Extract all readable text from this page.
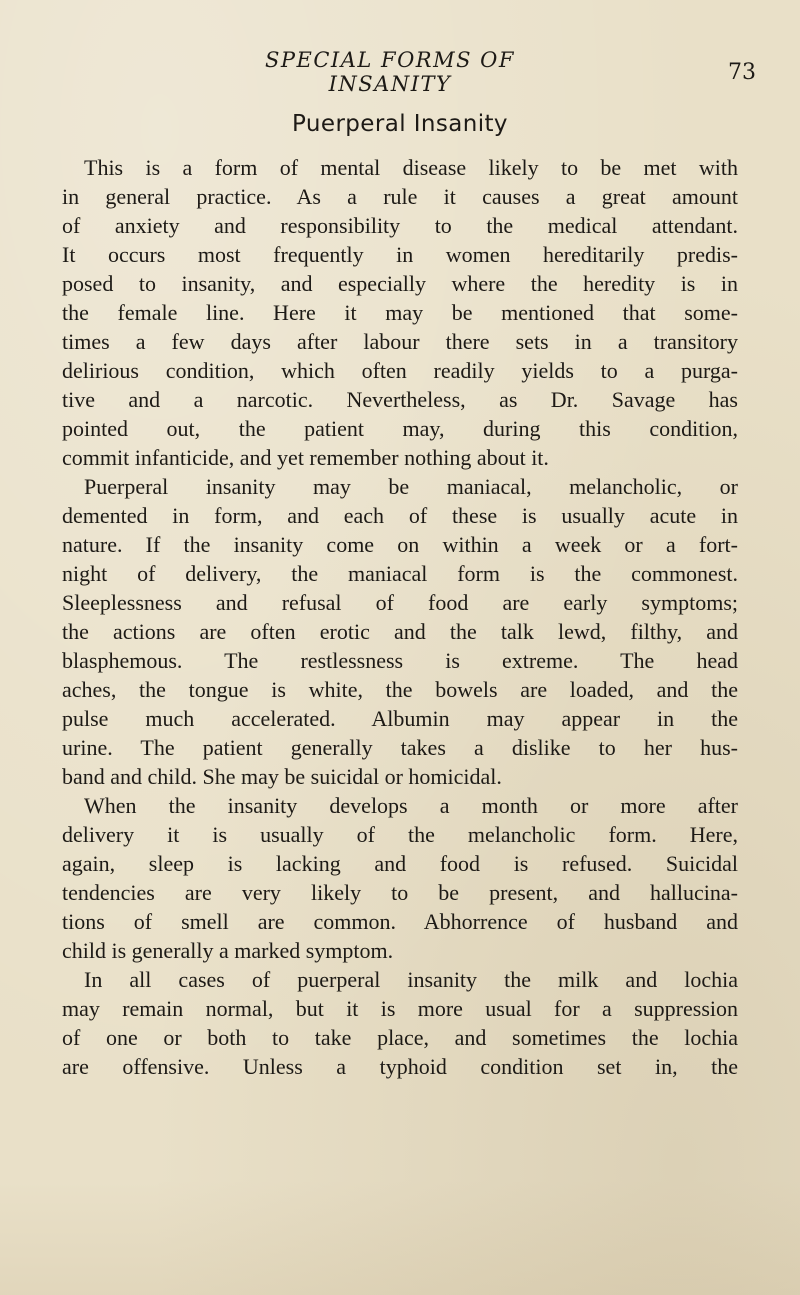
SPECIAL FORMS OF INSANITY	73
Puerperal Insanity
This is a form of mental disease likely to be met with
in general practice. As a rule it causes a great amount
of anxiety and responsibility to the medical attendant.
It occurs most frequently in women hereditarily predis-
posed to insanity, and especially where the heredity is in
the female line. Here it may be mentioned that some-
times a few days after labour there sets in a transitory
delirious condition, which often readily yields to a purga-
tive and a narcotic. Nevertheless, as Dr. Savage has
pointed out, the patient may, during this condition,
commit infanticide, and yet remember nothing about it.
Puerperal insanity may be maniacal, melancholic, or
demented in form, and each of these is usually acute in
nature. If the insanity come on within a week or a fort-
night of delivery, the maniacal form is the commonest.
Sleeplessness and refusal of food are early symptoms;
the actions are often erotic and the talk lewd, filthy, and
blasphemous. The restlessness is extreme. The head
aches, the tongue is white, the bowels are loaded, and the
pulse much accelerated. Albumin may appear in the
urine. The patient generally takes a dislike to her hus-
band and child. She may be suicidal or homicidal.
When the insanity develops a month or more after
delivery it is usually of the melancholic form. Here,
again, sleep is lacking and food is refused. Suicidal
tendencies are very likely to be present, and hallucina-
tions of smell are common. Abhorrence of husband and
child is generally a marked symptom.
In all cases of puerperal insanity the milk and lochia
may remain normal, but it is more usual for a suppression
of one or both to take place, and sometimes the lochia
are offensive. Unless a typhoid condition set in, the
